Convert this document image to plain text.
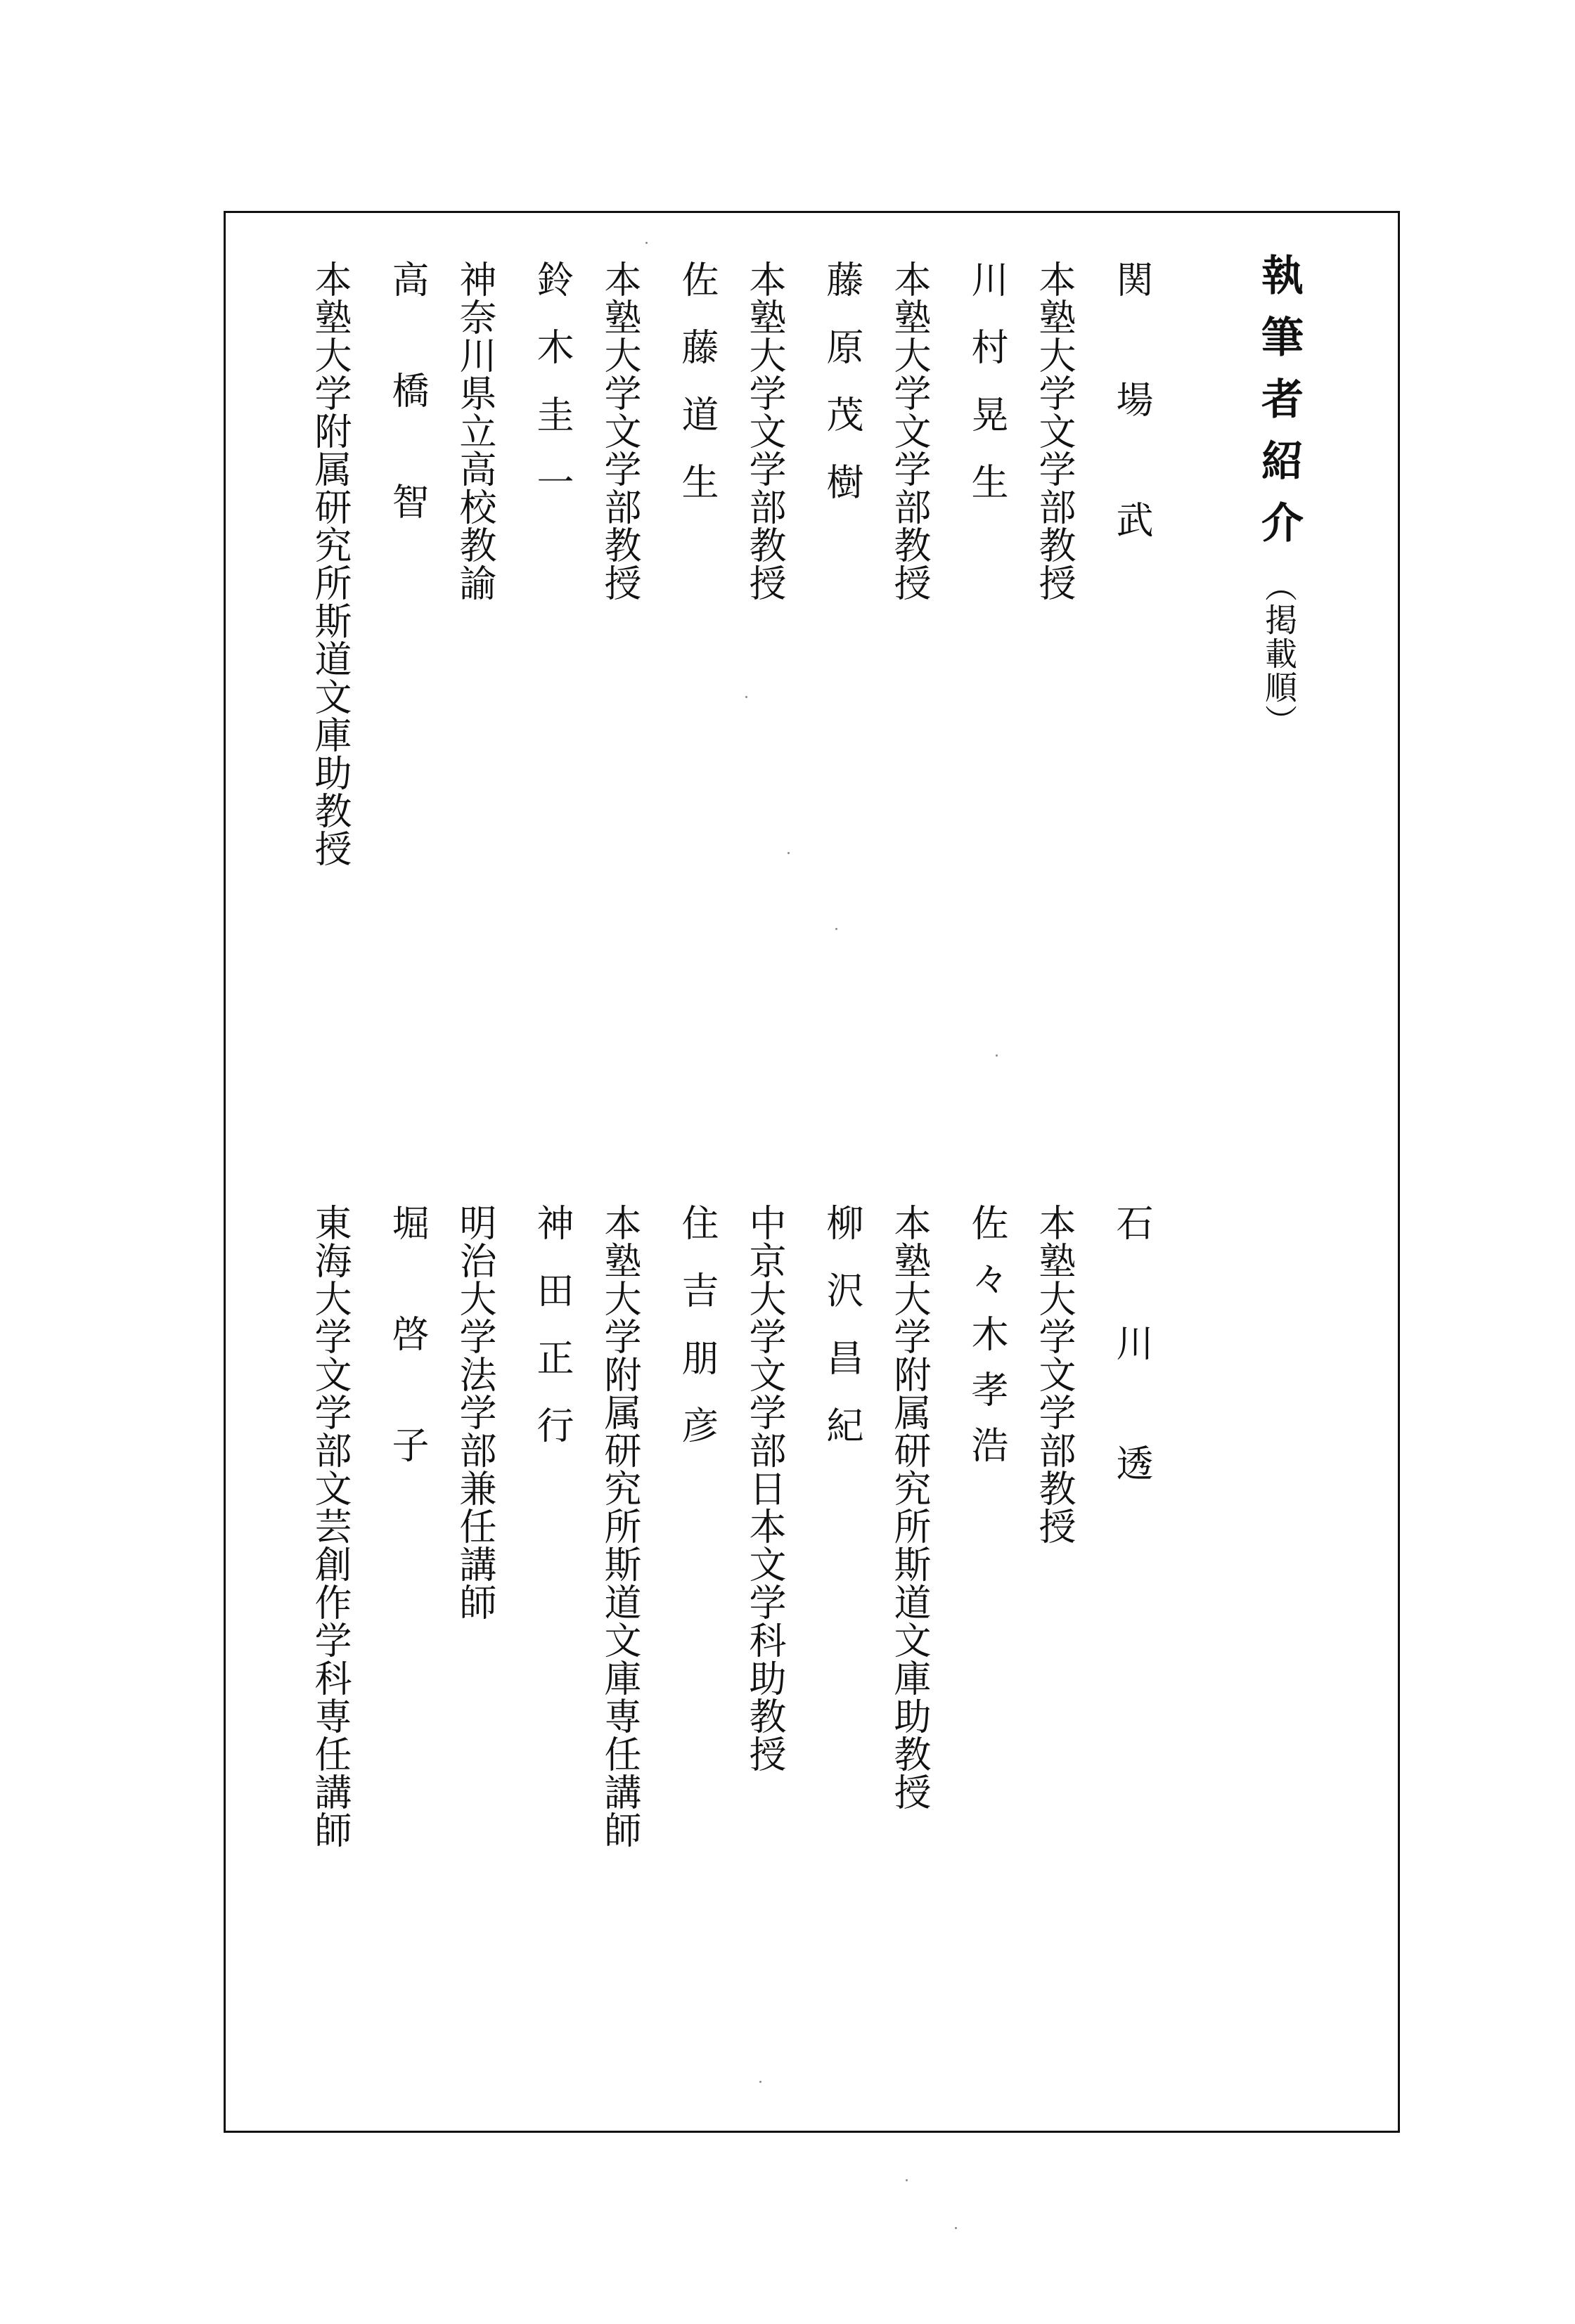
執筆者紹介（掲載順）
関場武
本塾大学文学部教授
川村晃生
本塾大学文学部教授
藤原茂樹
本塾大学文学部教授
佐藤道生
本塾大学文学部教授
鈴木圭一
神奈川県立高校教諭
高橋智
本塾大学附属研究所斯道文庫助教授
石川透
本塾大学文学部教授
佐々木孝浩
本塾大学附属研究所斯道文庫助教授
柳沢昌紀
中京大学文学部日本文学科助教授
住吉朋彦
本塾大学附属研究所斯道文庫専任講師
神田正行
明治大学法学部兼任講師
堀啓子
東海大学文学部文芸創作学科専任講師
